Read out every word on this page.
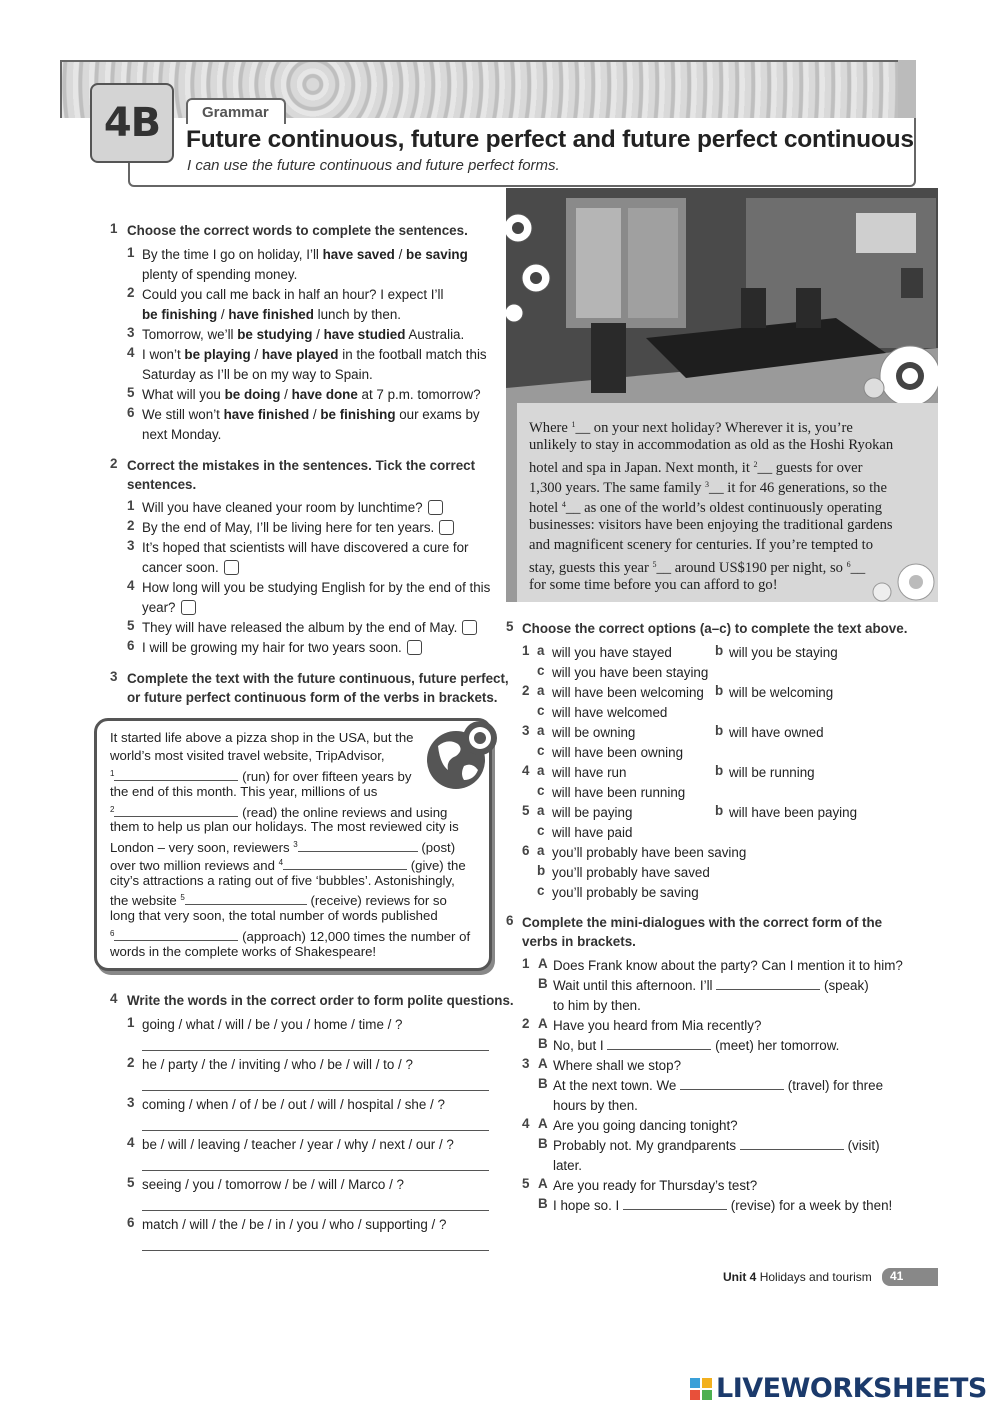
4B	Grammar
Future continuous, future perfect and future perfect continuous
I can use the future continuous and future perfect forms.
1 Choose the correct words to complete the sentences.
1 By the time I go on holiday, I’ll have saved / be saving
plenty of spending money.
2 Could you call me back in half an hour? I expect I’ll
be finishing / have finished lunch by then.
3 Tomorrow, we’ll be studying / have studied Australia.
4 I won’t be playing / have played in the football match this
Saturday as I’ll be on my way to Spain.
5 What will you be doing / have done at 7 p.m. tomorrow?
6 We still won’t have finished / be finishing our exams by
next Monday.
2 Correct the mistakes in the sentences. Tick the correct
sentences.
1 Will you have cleaned your room by lunchtime?
2 By the end of May, I’ll be living here for ten years.
3 It’s hoped that scientists will have discovered a cure for
cancer soon.
4 How long will you be studying English for by the end of this
year?
5 They will have released the album by the end of May.
6 I will be growing my hair for two years soon.
3 Complete the text with the future continuous, future perfect,
or future perfect continuous form of the verbs in brackets.
It started life above a pizza shop in the USA, but the
world’s most visited travel website, TripAdvisor,
$^1$	(run) for over fifteen years by
the end of this month. This year, millions of us
$^2$	(read) the online reviews and using
them to help us plan our holidays. The most reviewed city is
London – very soon, reviewers $^3$	(post)
over two million reviews and $^4$	(give) the
city’s attractions a rating out of five ‘bubbles’. Astonishingly,
the website $^5$	(receive) reviews for so
long that very soon, the total number of words published
$^6$	(approach) 12,000 times the number of
words in the complete works of Shakespeare!
4 Write the words in the correct order to form polite questions.
1 going / what / will / be / you / home / time / ?
2 he / party / the / inviting / who / be / will / to / ?
3 coming / when / of / be / out / will / hospital / she / ?
4 be / will / leaving / teacher / year / why / next / our / ?
5 seeing / you / tomorrow / be / will / Marco / ?
6 match / will / the / be / in / you / who / supporting / ?
Where $^1$__ on your next holiday? Wherever it is, you’re
unlikely to stay in accommodation as old as the Hoshi Ryokan
hotel and spa in Japan. Next month, it $^2$__ guests for over
1,300 years. The same family $^3$__ it for 46 generations, so the
hotel $^4$__ as one of the world’s oldest continuously operating
businesses: visitors have been enjoying the traditional gardens
and magnificent scenery for centuries. If you’re tempted to
stay, guests this year $^5$__ around US$190 per night, so $^6$__
for some time before you can afford to go!
5 Choose the correct options (a–c) to complete the text above.
1 a will you have stayed	b will you be staying
c will you have been staying
2 a will have been welcoming b will be welcoming
c will have welcomed
3 a will be owning	b will have owned
c will have been owning
4 a will have run	b will be running
c will have been running
5 a will be paying	b will have been paying
c will have paid
6 a you’ll probably have been saving
b you’ll probably have saved
c you’ll probably be saving
6 Complete the mini-dialogues with the correct form of the
verbs in brackets.
1 A Does Frank know about the party? Can I mention it to him?
B Wait until this afternoon. I’ll	(speak)
to him by then.
2 A Have you heard from Mia recently?
B No, but I	(meet) her tomorrow.
3 A Where shall we stop?
B At the next town. We	(travel) for three
hours by then.
4 A Are you going dancing tonight?
B Probably not. My grandparents	(visit)
later.
5 A Are you ready for Thursday’s test?
B I hope so. I	(revise) for a week by then!
Unit 4 Holidays and tourism	41
LIVEWORKSHEETS
